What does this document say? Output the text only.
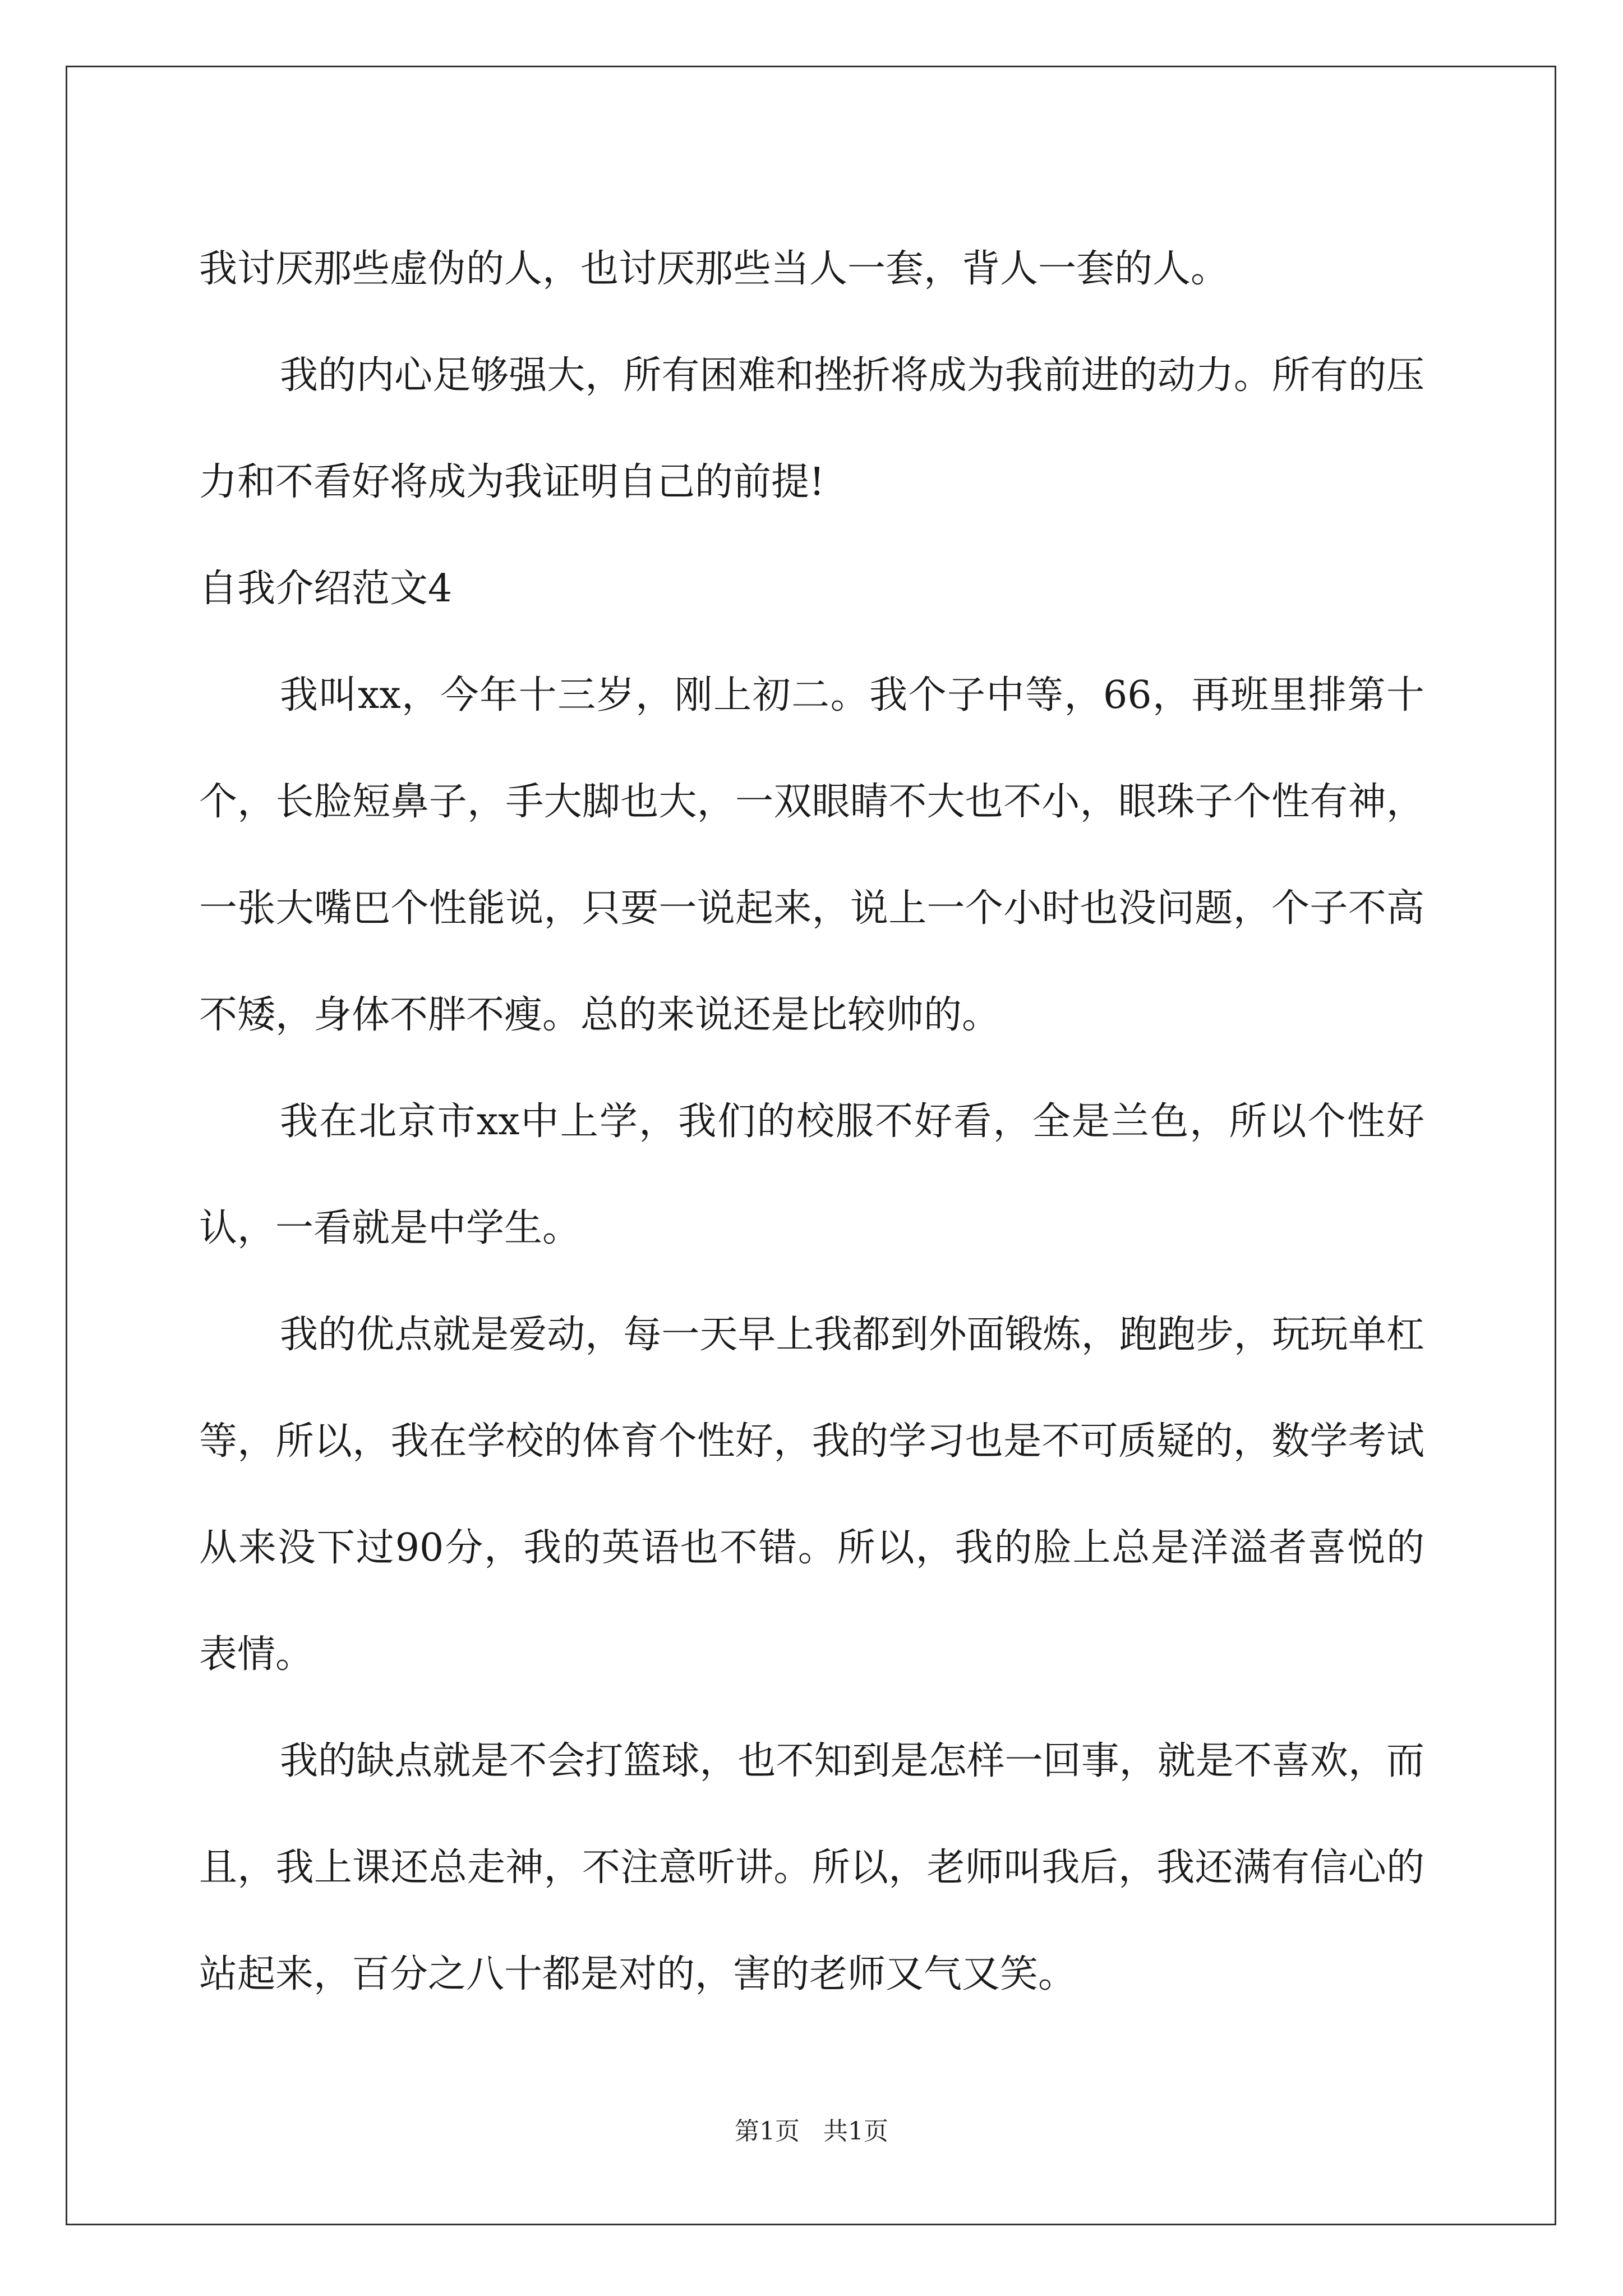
我讨厌那些虚伪的人，也讨厌那些当人一套，背人一套的人。

我的内心足够强大，所有困难和挫折将成为我前进的动力。所有的压力和不看好将成为我证明自己的前提!

自我介绍范文4

我叫xx，今年十三岁，刚上初二。我个子中等，66，再班里排第十个，长脸短鼻子，手大脚也大，一双眼睛不大也不小，眼珠子个性有神，一张大嘴巴个性能说，只要一说起来，说上一个小时也没问题，个子不高不矮，身体不胖不瘦。总的来说还是比较帅的。

我在北京市xx中上学，我们的校服不好看，全是兰色，所以个性好认，一看就是中学生。

我的优点就是爱动，每一天早上我都到外面锻炼，跑跑步，玩玩单杠等，所以，我在学校的体育个性好，我的学习也是不可质疑的，数学考试从来没下过90分，我的英语也不错。所以，我的脸上总是洋溢者喜悦的表情。

我的缺点就是不会打篮球，也不知到是怎样一回事，就是不喜欢，而且，我上课还总走神，不注意听讲。所以，老师叫我后，我还满有信心的站起来，百分之八十都是对的，害的老师又气又笑。

第1页 共1页
